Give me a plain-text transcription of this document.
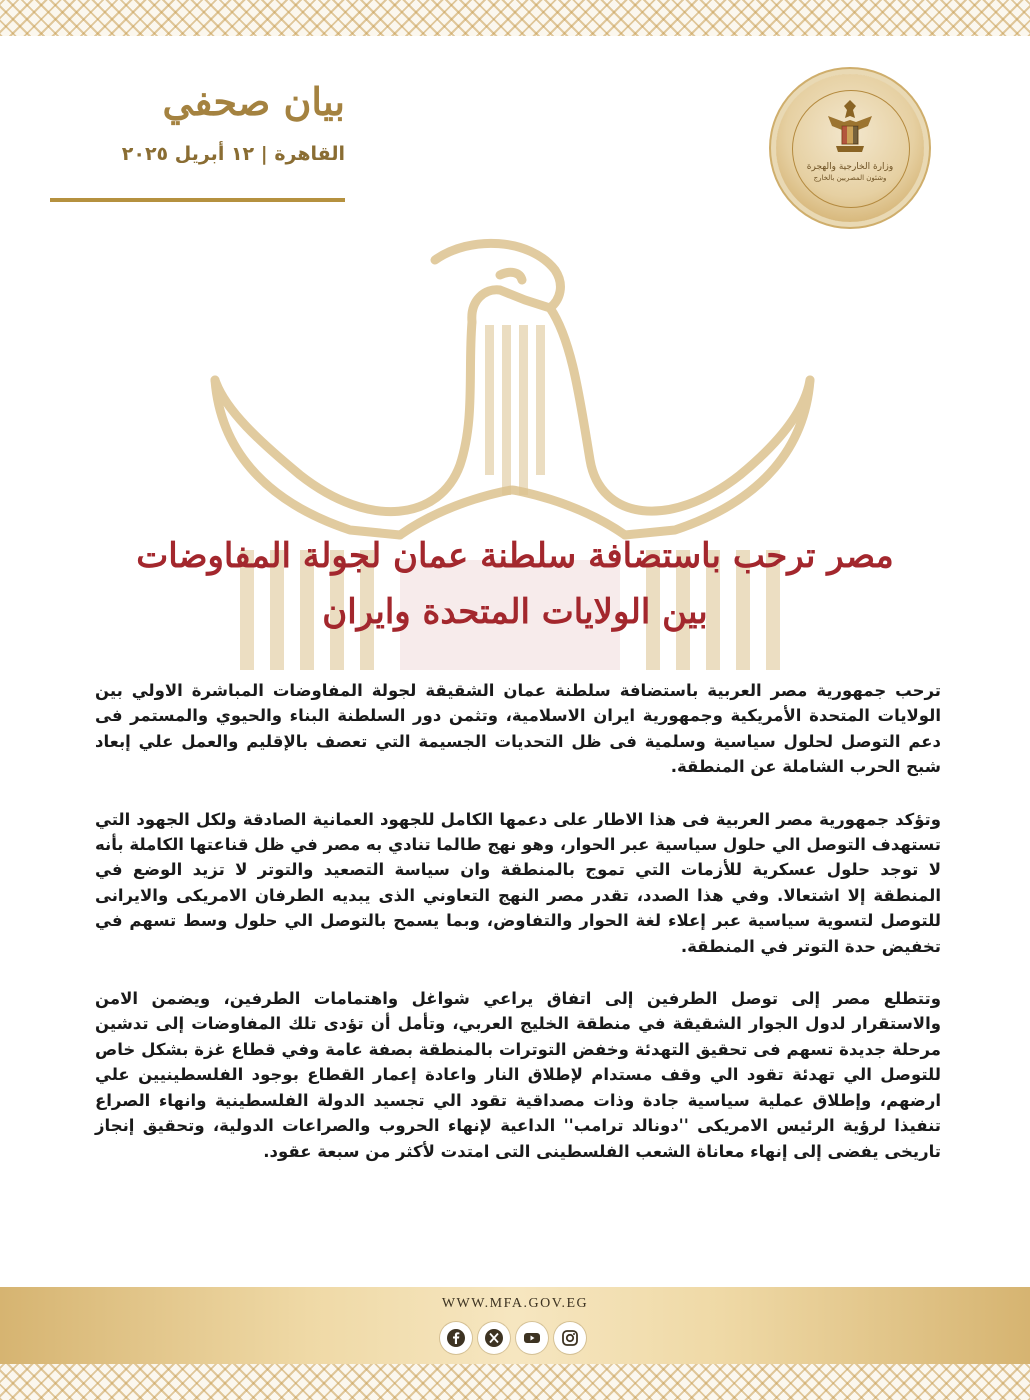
وزارة الخارجية والهجرة
وشئون المصريين بالخارج
بيان صحفي
القاهرة | ١٢ أبريل ٢٠٢٥
مصر ترحب باستضافة سلطنة عمان لجولة المفاوضات
بين الولايات المتحدة وايران

ترحب جمهورية مصر العربية باستضافة سلطنة عمان الشقيقة لجولة المفاوضات المباشرة الاولي بين الولايات المتحدة الأمريكية وجمهورية ايران الاسلامية، وتثمن دور السلطنة البناء والحيوي والمستمر فى دعم التوصل لحلول سياسية وسلمية فى ظل التحديات الجسيمة التي تعصف بالإقليم والعمل علي إبعاد شبح الحرب الشاملة عن المنطقة.

وتؤكد جمهورية مصر العربية فى هذا الاطار على دعمها الكامل للجهود العمانية الصادقة ولكل الجهود التي تستهدف التوصل الي حلول سياسية عبر الحوار، وهو نهج طالما تنادي به مصر في ظل قناعتها الكاملة بأنه لا توجد حلول عسكرية للأزمات التي تموج بالمنطقة وان سياسة التصعيد والتوتر لا تزيد الوضع في المنطقة إلا اشتعالا. وفي هذا الصدد، تقدر مصر النهج التعاوني الذى يبديه الطرفان الامريكى والايرانى للتوصل لتسوية سياسية عبر إعلاء لغة الحوار والتفاوض، وبما يسمح بالتوصل الي حلول وسط تسهم في تخفيض حدة التوتر في المنطقة.

وتتطلع مصر إلى توصل الطرفين إلى اتفاق يراعي شواغل واهتمامات الطرفين، ويضمن الامن والاستقرار لدول الجوار الشقيقة في منطقة الخليج العربي، وتأمل أن تؤدى تلك المفاوضات إلى تدشين مرحلة جديدة تسهم فى تحقيق التهدئة وخفض التوترات بالمنطقة بصفة عامة وفي قطاع غزة بشكل خاص للتوصل الي تهدئة تقود الي وقف مستدام لإطلاق النار واعادة إعمار القطاع بوجود الفلسطينيين علي ارضهم، وإطلاق عملية سياسية جادة وذات مصداقية تقود الي تجسيد الدولة الفلسطينية وانهاء الصراع تنفيذا لرؤية الرئيس الامريكى ''دونالد ترامب'' الداعية لإنهاء الحروب والصراعات الدولية، وتحقيق إنجاز تاريخى يفضى إلى إنهاء معاناة الشعب الفلسطينى التى امتدت لأكثر من سبعة عقود.

WWW.MFA.GOV.EG
